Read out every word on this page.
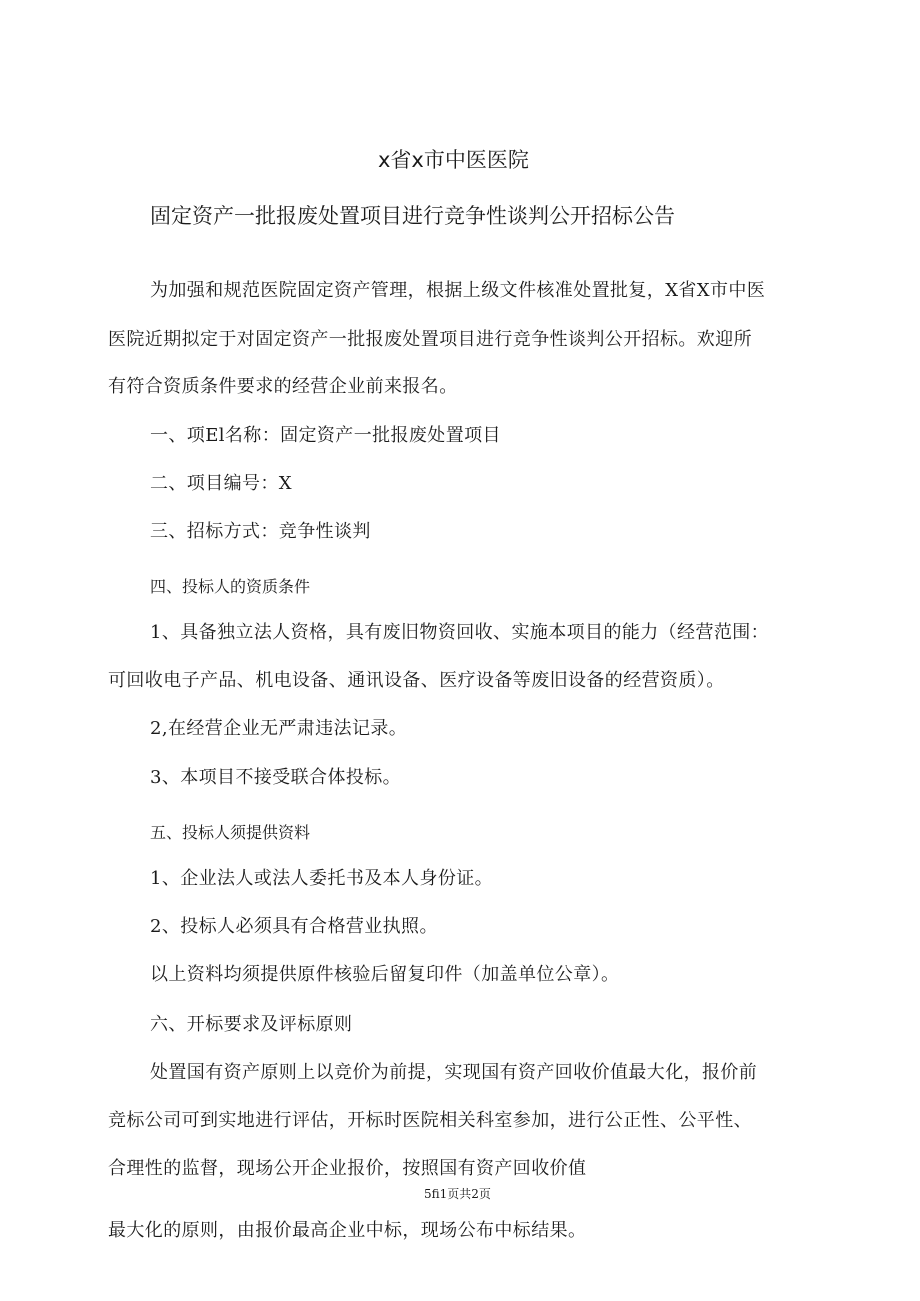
x省x市中医医院

固定资产一批报废处置项目进行竞争性谈判公开招标公告

为加强和规范医院固定资产管理，根据上级文件核准处置批复，X省X市中医

医院近期拟定于对固定资产一批报废处置项目进行竞争性谈判公开招标。欢迎所

有符合资质条件要求的经营企业前来报名。

一、项El名称：固定资产一批报废处置项目

二、项目编号：X

三、招标方式：竞争性谈判

四、投标人的资质条件

1、具备独立法人资格，具有废旧物资回收、实施本项目的能力（经营范围：

可回收电子产品、机电设备、通讯设备、医疗设备等废旧设备的经营资质）。

2,在经营企业无严肃违法记录。

3、本项目不接受联合体投标。

五、投标人须提供资料

1、企业法人或法人委托书及本人身份证。

2、投标人必须具有合格营业执照。

以上资料均须提供原件核验后留复印件（加盖单位公章）。

六、开标要求及评标原则

处置国有资产原则上以竞价为前提，实现国有资产回收价值最大化，报价前

竞标公司可到实地进行评估，开标时医院相关科室参加，进行公正性、公平性、

合理性的监督，现场公开企业报价，按照国有资产回收价值

5fi1页共2页

最大化的原则，由报价最高企业中标，现场公布中标结果。
